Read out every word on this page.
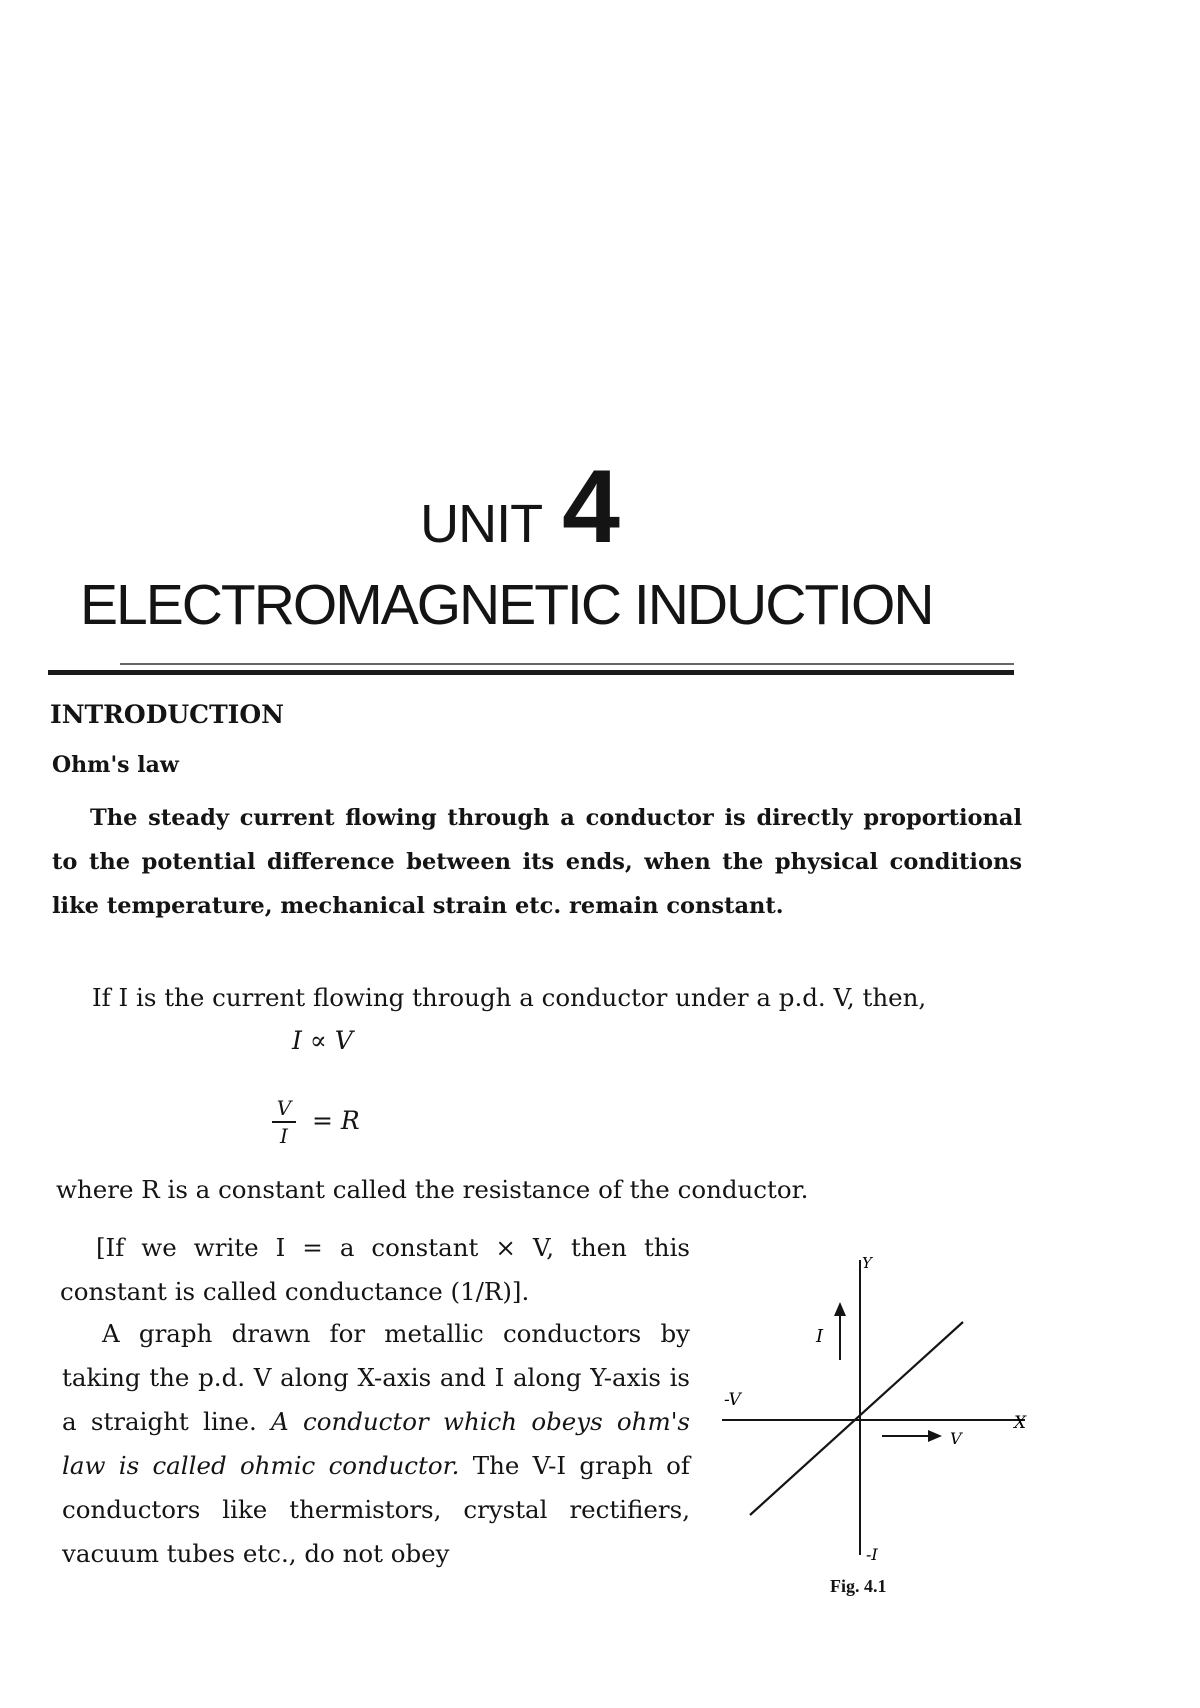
UNIT 4
ELECTROMAGNETIC INDUCTION
INTRODUCTION
Ohm's law

The steady current flowing through a conductor is directly proportional to the potential difference between its ends, when the physical conditions like temperature, mechanical strain etc. remain constant.

If I is the current flowing through a conductor under a p.d. V, then,

I ∝ V
V
I
= R

where R is a constant called the resistance of the conductor.

[If we write I = a constant × V, then this constant is called conductance (1/R)].

A graph drawn for metallic conductors by taking the p.d. V along X-axis and I along Y-axis is a straight line. A conductor which obeys ohm's law is called ohmic conductor. The V-I graph of conductors like thermistors, crystal rectifiers, vacuum tubes etc., do not obey

Y
X
I
V
-V
-I
Fig. 4.1
